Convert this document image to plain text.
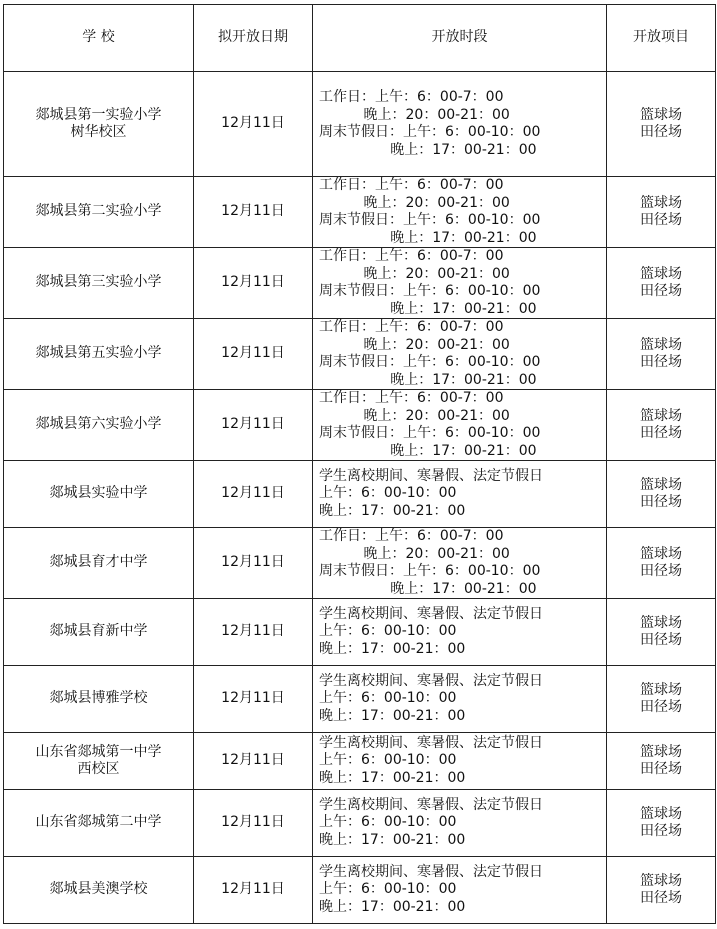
学 校	拟开放日期	开放时段	开放项目

郯城县第一实验小学
树华校区	12月11日	工作日：上午：6：00-7：00
晚上：20：00-21：00
周末节假日：上午：6：00-10：00
晚上：17：00-21：00	篮球场
田径场

郯城县第二实验小学	12月11日	工作日：上午：6：00-7：00
晚上：20：00-21：00
周末节假日：上午：6：00-10：00
晚上：17：00-21：00	篮球场
田径场

郯城县第三实验小学	12月11日	工作日：上午：6：00-7：00
晚上：20：00-21：00
周末节假日：上午：6：00-10：00
晚上：17：00-21：00	篮球场
田径场

郯城县第五实验小学	12月11日	工作日：上午：6：00-7：00
晚上：20：00-21：00
周末节假日：上午：6：00-10：00
晚上：17：00-21：00	篮球场
田径场

郯城县第六实验小学	12月11日	工作日：上午：6：00-7：00
晚上：20：00-21：00
周末节假日：上午：6：00-10：00
晚上：17：00-21：00	篮球场
田径场

郯城县实验中学	12月11日	学生离校期间、寒暑假、法定节假日
上午：6：00-10：00
晚上：17：00-21：00	篮球场
田径场

郯城县育才中学	12月11日	工作日：上午：6：00-7：00
晚上：20：00-21：00
周末节假日：上午：6：00-10：00
晚上：17：00-21：00	篮球场
田径场

郯城县育新中学	12月11日	学生离校期间、寒暑假、法定节假日
上午：6：00-10：00
晚上：17：00-21：00	篮球场
田径场

郯城县博雅学校	12月11日	学生离校期间、寒暑假、法定节假日
上午：6：00-10：00
晚上：17：00-21：00	篮球场
田径场

山东省郯城第一中学
西校区	12月11日	学生离校期间、寒暑假、法定节假日
上午：6：00-10：00
晚上：17：00-21：00	篮球场
田径场

山东省郯城第二中学	12月11日	学生离校期间、寒暑假、法定节假日
上午：6：00-10：00
晚上：17：00-21：00	篮球场
田径场

郯城县美澳学校	12月11日	学生离校期间、寒暑假、法定节假日
上午：6：00-10：00
晚上：17：00-21：00	篮球场
田径场
